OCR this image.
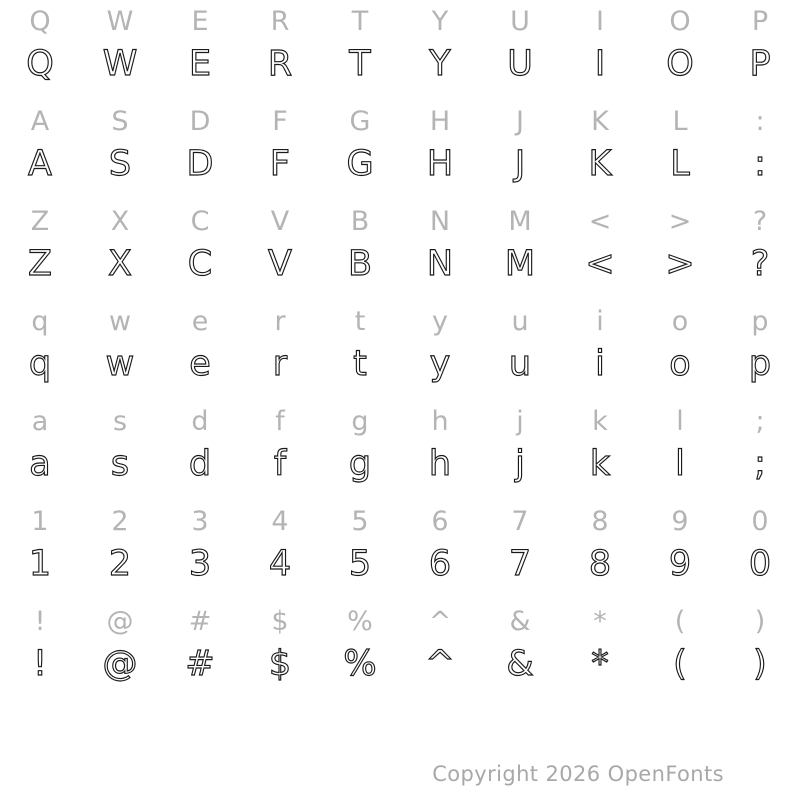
Q	W	E	R	T	Y	U	I	O	P
Q	W	E	R	T	Y	U	I	O	P
A	S	D	F	G	H	J	K	L	:
A	S	D	F	G	H	J	K	L	:
Z	X	C	V	B	N	M	<	>	?
Z	X	C	V	B	N	M	<	>	?
q	w	e	r	t	y	u	i	o	p
q	w	e	r	t	y	u	i	o	p
a	s	d	f	g	h	j	k	l	;
a	s	d	f	g	h	j	k	l	;
1	2	3	4	5	6	7	8	9	0
1	2	3	4	5	6	7	8	9	0
!	@	#	$	%	^	&	*	(	)
!	@	#	$	%	^	&	*	(	)
Copyright 2026 OpenFonts
